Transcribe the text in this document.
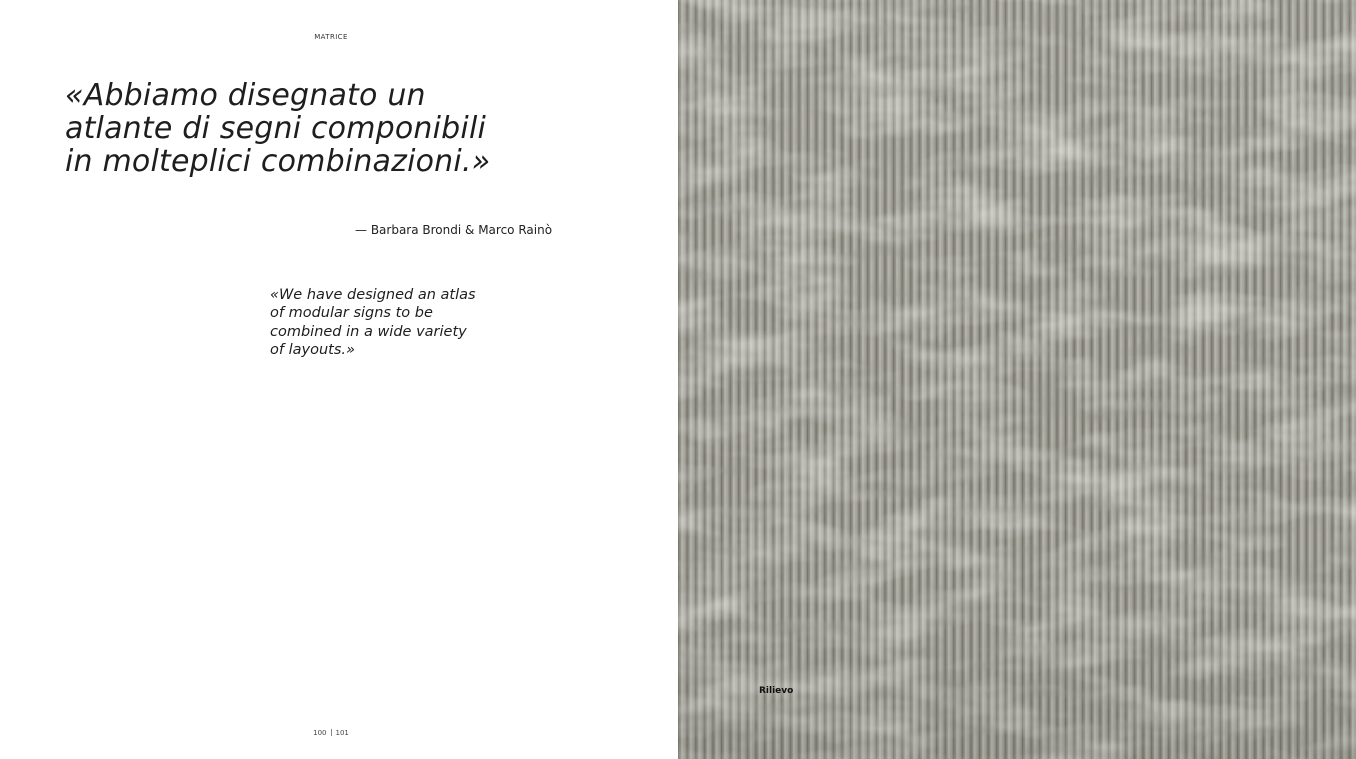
MATRICE
«Abbiamo disegnato un
atlante di segni componibili
in molteplici combinazioni.»
— Barbara Brondi & Marco Rainò
«We have designed an atlas
of modular signs to be
combined in a wide variety
of layouts.»
100 101
Rilievo
